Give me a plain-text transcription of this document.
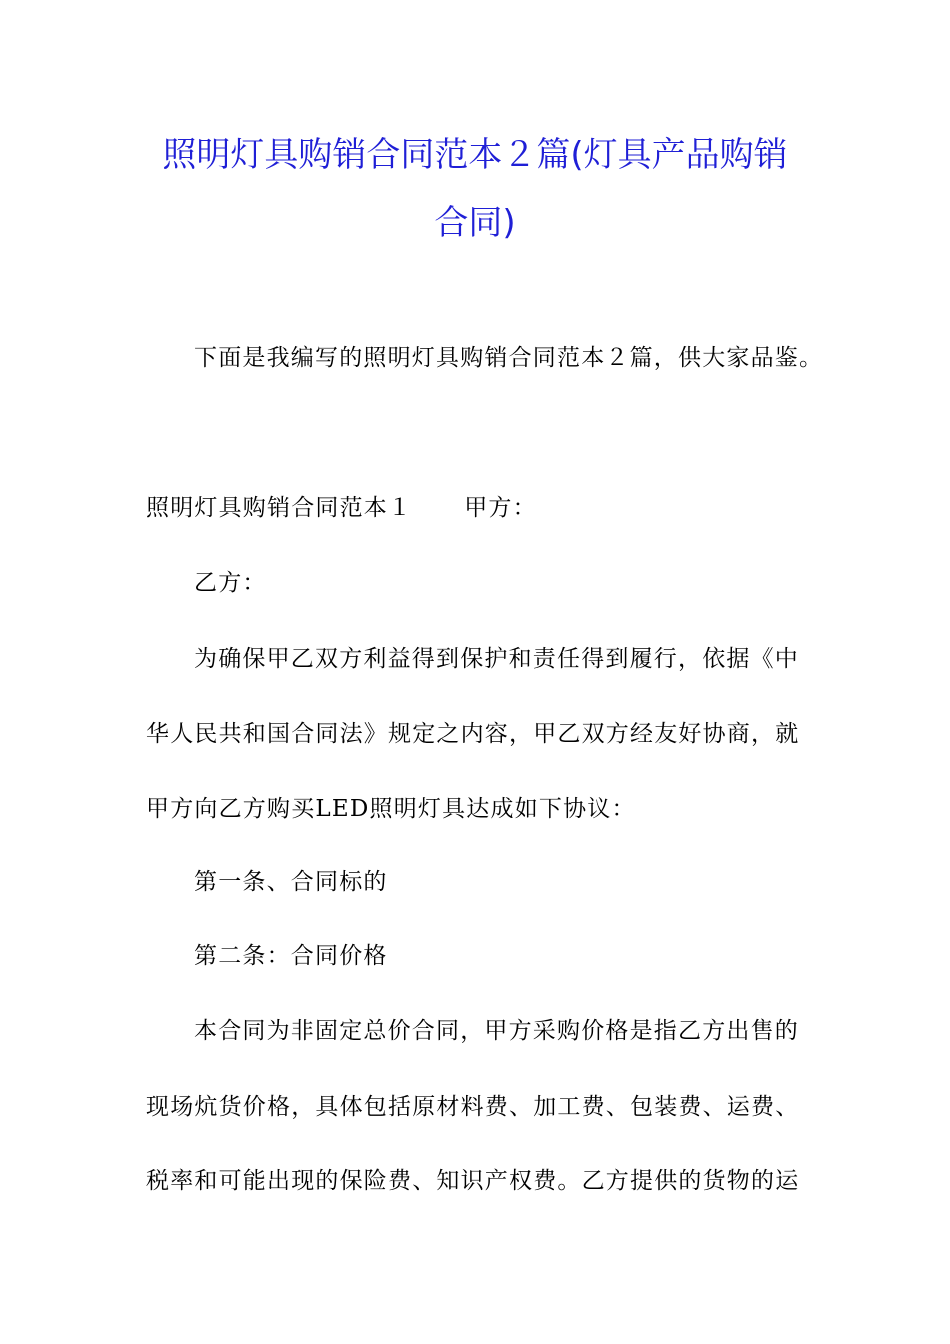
照明灯具购销合同范本２篇(灯具产品购销
合同)

下面是我编写的照明灯具购销合同范本２篇，供大家品鉴。

照明灯具购销合同范本１ 甲方：

乙方：

为确保甲乙双方利益得到保护和责任得到履行，依据《中

华人民共和国合同法》规定之内容，甲乙双方经友好协商，就

甲方向乙方购买LED照明灯具达成如下协议：

第一条、合同标的

第二条：合同价格

本合同为非固定总价合同，甲方采购价格是指乙方出售的

现场炕货价格，具体包括原材料费、加工费、包装费、运费、

税率和可能出现的保险费、知识产权费。乙方提供的货物的运
